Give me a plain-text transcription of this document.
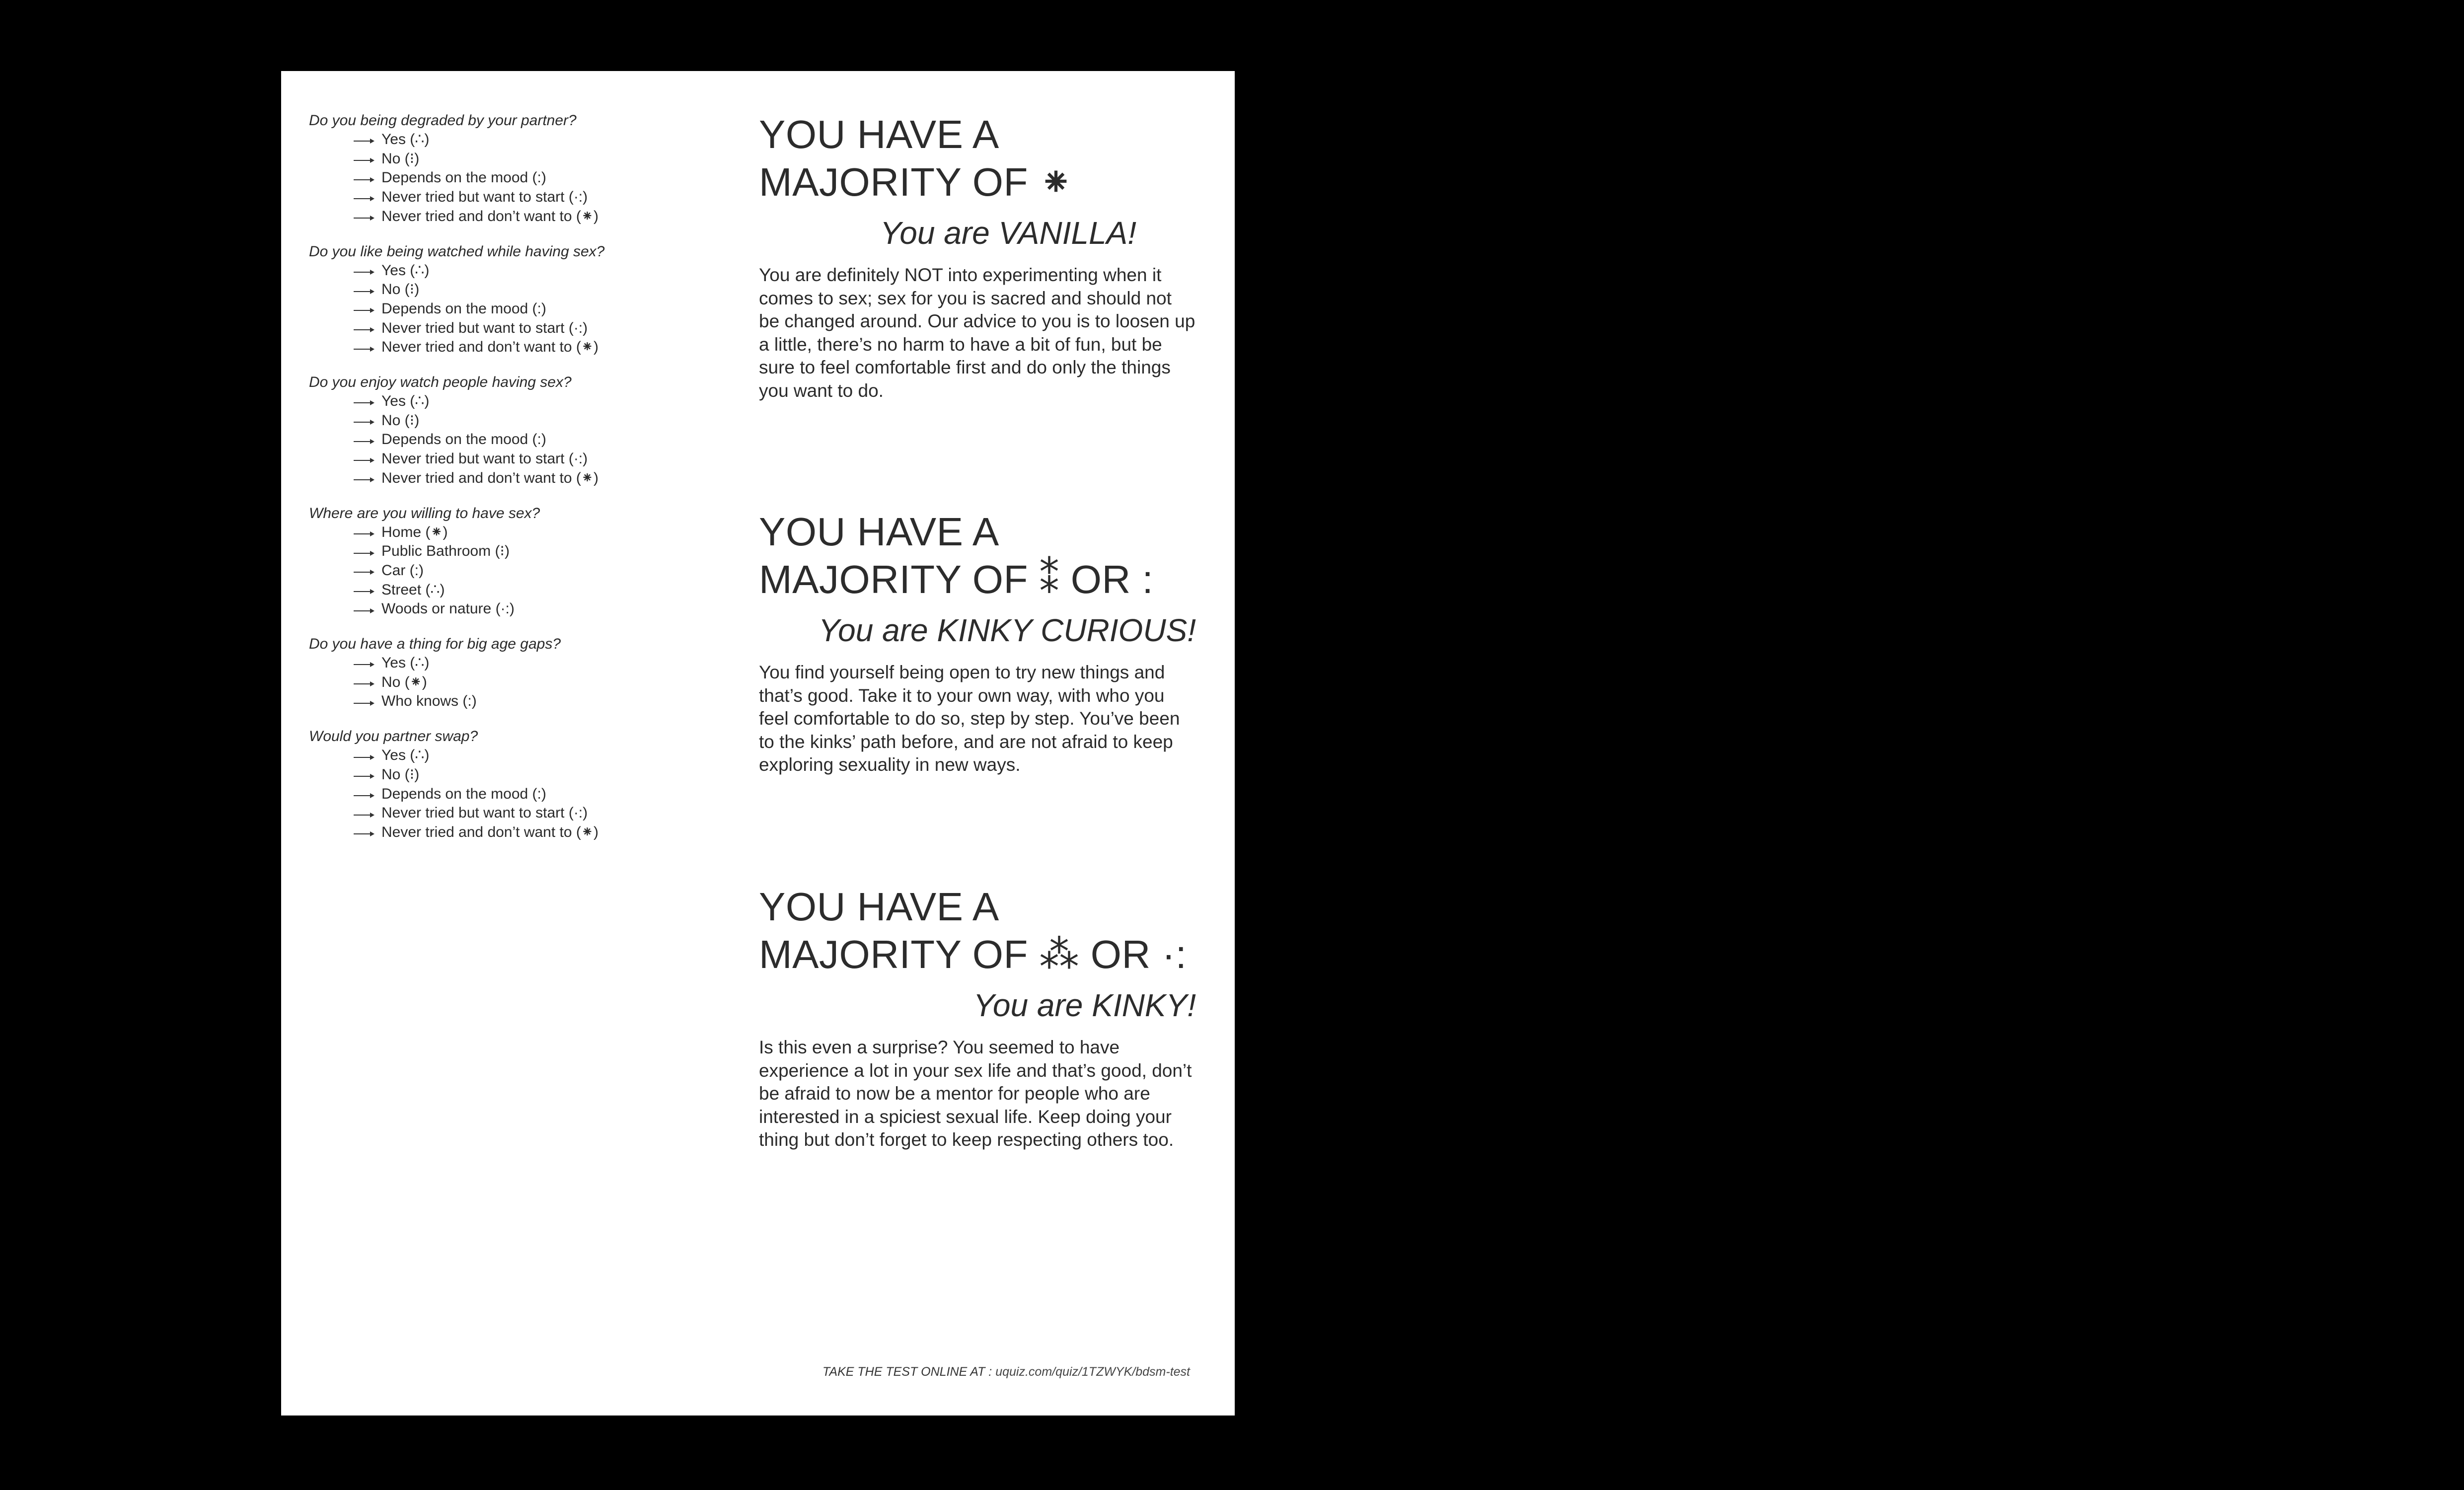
Do you being degraded by your partner?
Yes (∴)
No (⁝)
Depends on the mood (:)
Never tried but want to start (·:)
Never tried and don’t want to (⁕)
Do you like being watched while having sex?
Yes (∴)
No (⁝)
Depends on the mood (:)
Never tried but want to start (·:)
Never tried and don’t want to (⁕)
Do you enjoy watch people having sex?
Yes (∴)
No (⁝)
Depends on the mood (:)
Never tried but want to start (·:)
Never tried and don’t want to (⁕)
Where are you willing to have sex?
Home (⁕)
Public Bathroom (⁝)
Car (:)
Street (∴)
Woods or nature (·:)
Do you have a thing for big age gaps?
Yes (∴)
No (⁕)
Who knows (:)
Would you partner swap?
Yes (∴)
No (⁝)
Depends on the mood (:)
Never tried but want to start (·:)
Never tried and don’t want to (⁕)
YOU HAVE A
MAJORITY OF ⁕
You are VANILLA!
You are definitely NOT into experimenting when it comes to sex; sex for you is sacred and should not be changed around. Our advice to you is to loosen up a little, there’s no harm to have a bit of fun, but be sure to feel comfortable first and do only the things you want to do.
YOU HAVE A
MAJORITY OF ⁑ OR :
You are KINKY CURIOUS!
You find yourself being open to try new things and that’s good. Take it to your own way, with who you feel comfortable to do so, step by step. You’ve been to the kinks’ path before, and are not afraid to keep exploring sexuality in new ways.
YOU HAVE A
MAJORITY OF ⁂ OR ·:
You are KINKY!
Is this even a surprise? You seemed to have experience a lot in your sex life and that’s good, don’t be afraid to now be a mentor for people who are interested in a spiciest sexual life. Keep doing your thing but don’t forget to keep respecting others too.
TAKE THE TEST ONLINE AT : uquiz.com/quiz/1TZWYK/bdsm-test
